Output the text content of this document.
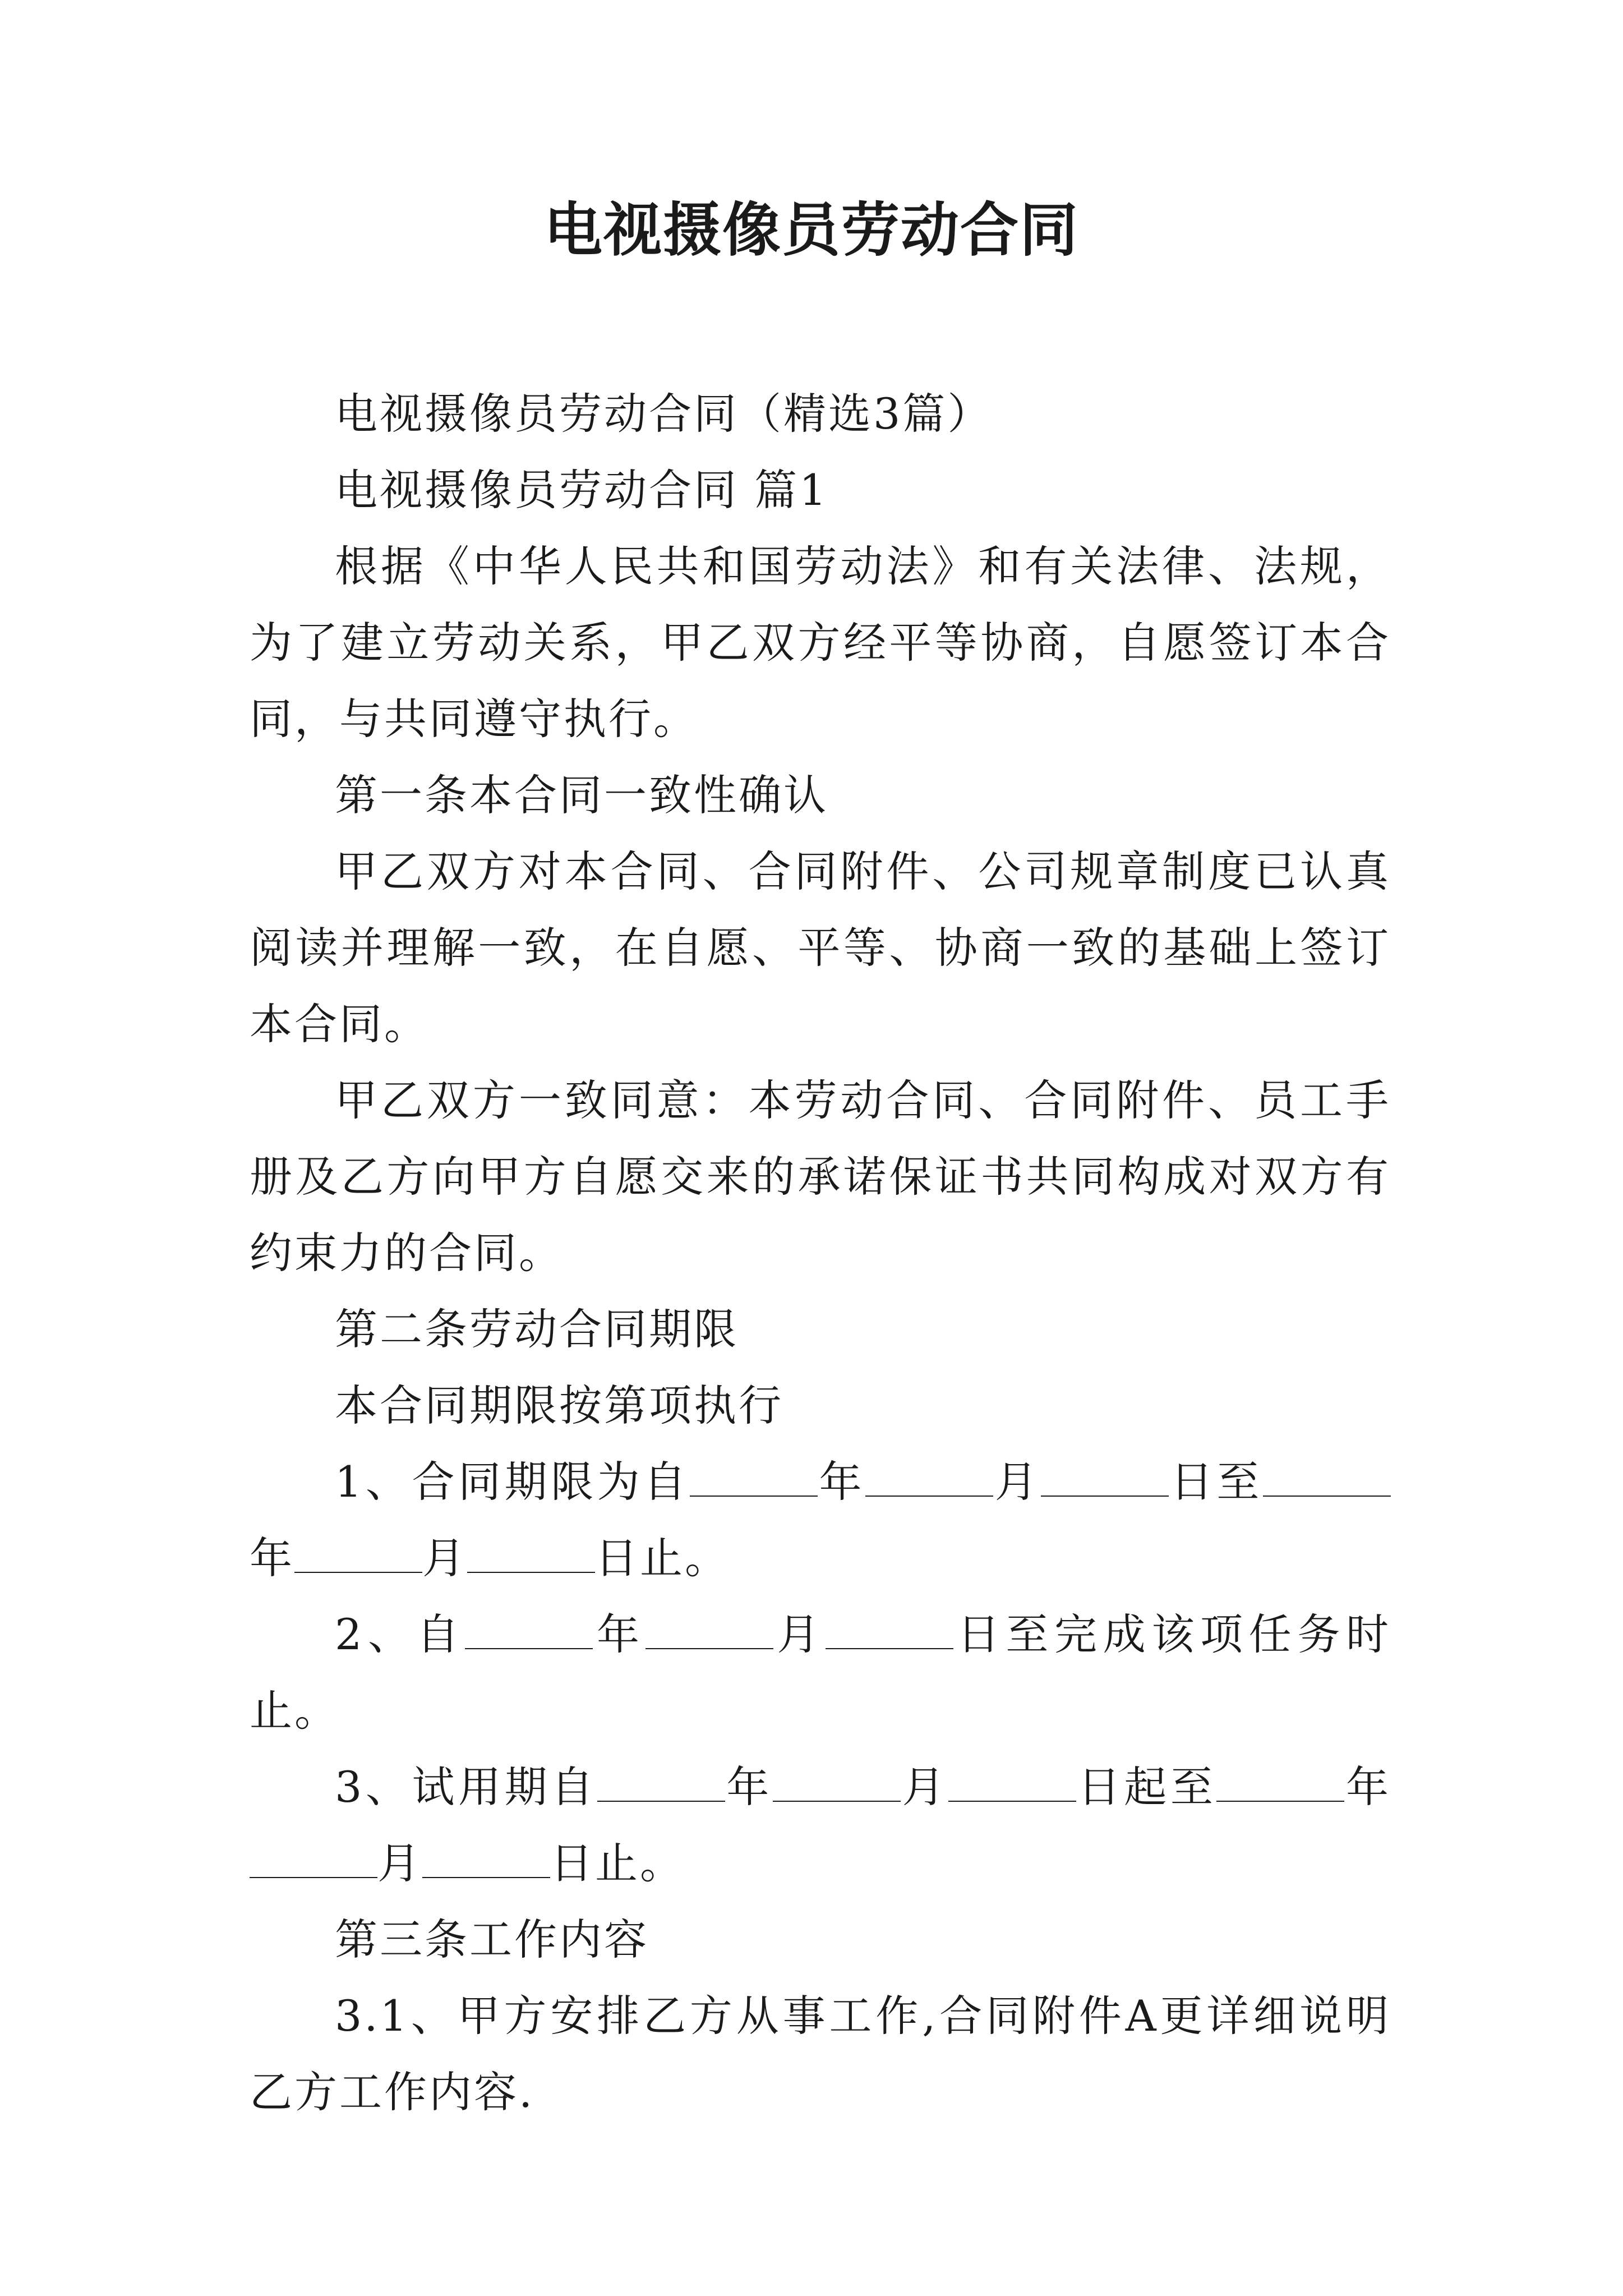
电视摄像员劳动合同

电视摄像员劳动合同（精选3篇）

电视摄像员劳动合同 篇1

根据《中华人民共和国劳动法》和有关法律、法规，为了建立劳动关系，甲乙双方经平等协商，自愿签订本合同，与共同遵守执行。

第一条本合同一致性确认

甲乙双方对本合同、合同附件、公司规章制度已认真阅读并理解一致，在自愿、平等、协商一致的基础上签订本合同。

甲乙双方一致同意：本劳动合同、合同附件、员工手册及乙方向甲方自愿交来的承诺保证书共同构成对双方有约束力的合同。

第二条劳动合同期限

本合同期限按第项执行

1、合同期限为自	年	月	日至年	月	日止。

2、自	年	月	日至完成该项任务时止。

3、试用期自	年	月	日起至	年月	日止。

第三条工作内容

3.1、甲方安排乙方从事工作,合同附件A更详细说明乙方工作内容.
